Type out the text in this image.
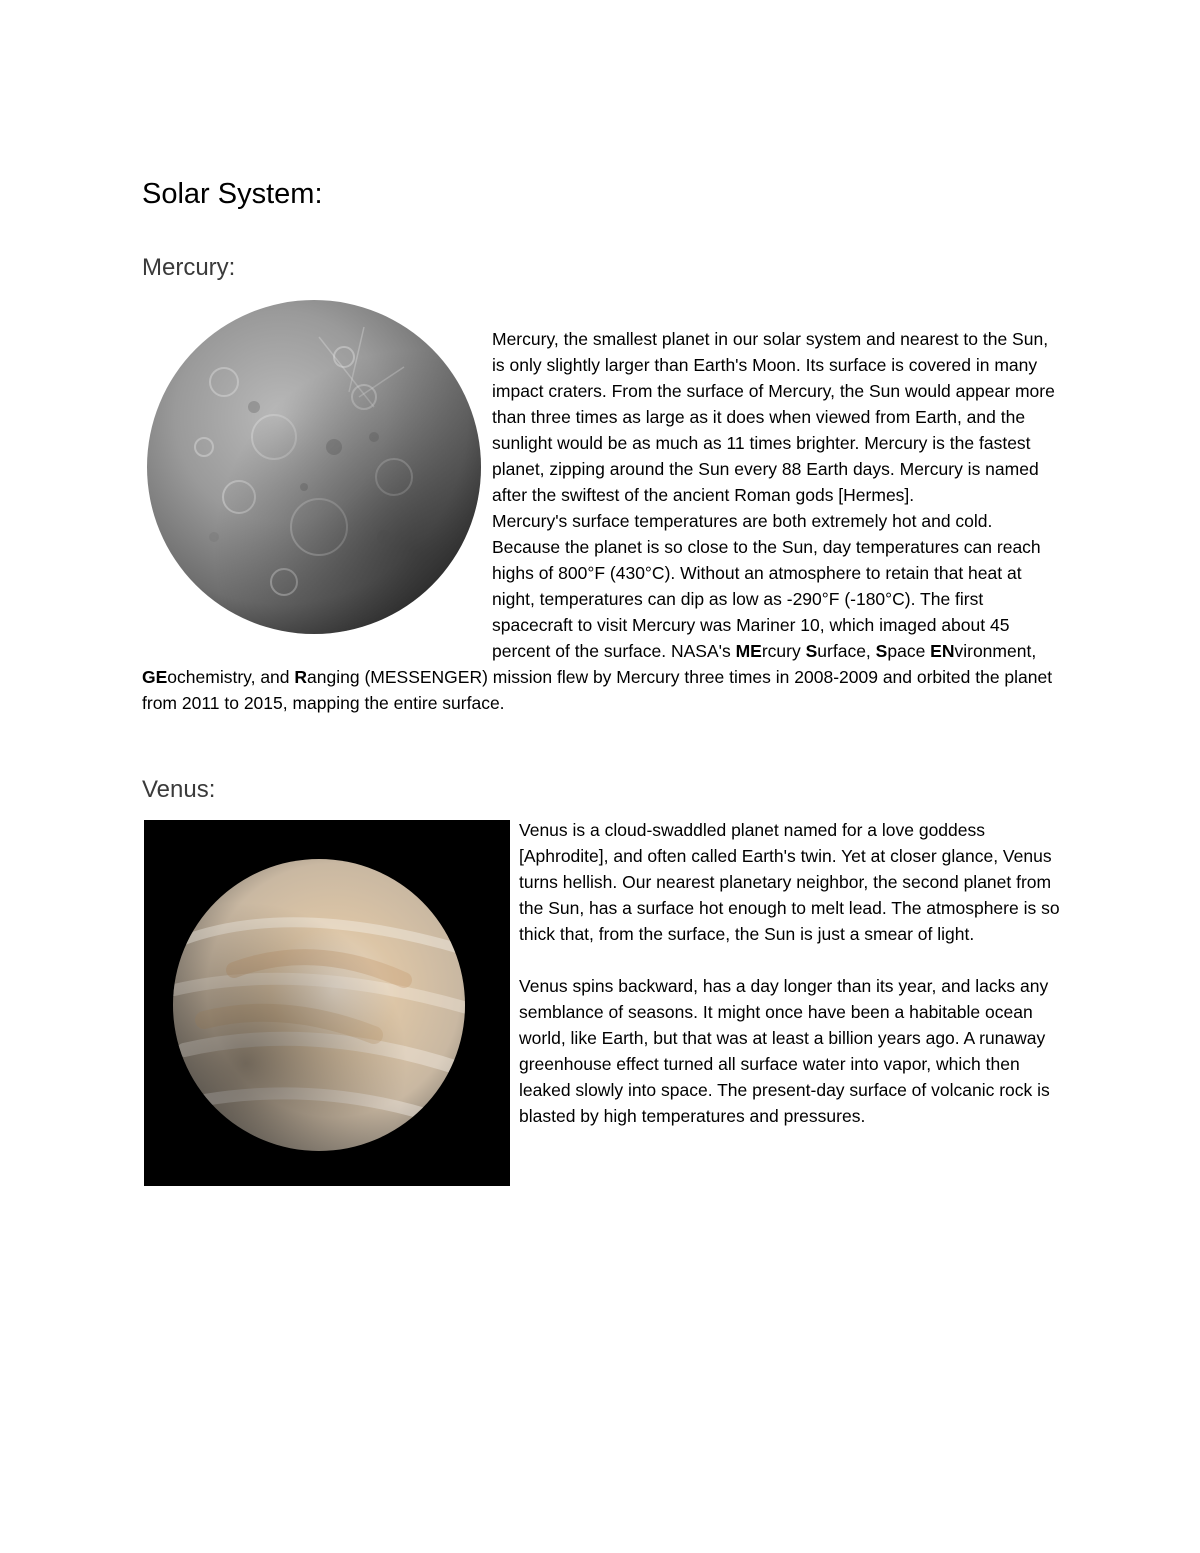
Solar System:
Mercury:

Mercury, the smallest planet in our solar system and nearest to the Sun, is only slightly larger than Earth's Moon. Its surface is covered in many impact craters. From the surface of Mercury, the Sun would appear more than three times as large as it does when viewed from Earth, and the sunlight would be as much as 11 times brighter. Mercury is the fastest planet, zipping around the Sun every 88 Earth days. Mercury is named after the swiftest of the ancient Roman gods [Hermes].

Mercury's surface temperatures are both extremely hot and cold. Because the planet is so close to the Sun, day temperatures can reach highs of 800°F (430°C). Without an atmosphere to retain that heat at night, temperatures can dip as low as -290°F (-180°C). The first spacecraft to visit Mercury was Mariner 10, which imaged about 45 percent of the surface. NASA's MErcury Surface, Space ENvironment, GEochemistry, and Ranging (MESSENGER) mission flew by Mercury three times in 2008-2009 and orbited the planet from 2011 to 2015, mapping the entire surface.

Venus:

Venus is a cloud-swaddled planet named for a love goddess [Aphrodite], and often called Earth's twin. Yet at closer glance, Venus turns hellish. Our nearest planetary neighbor, the second planet from the Sun, has a surface hot enough to melt lead. The atmosphere is so thick that, from the surface, the Sun is just a smear of light.

Venus spins backward, has a day longer than its year, and lacks any semblance of seasons. It might once have been a habitable ocean world, like Earth, but that was at least a billion years ago. A runaway greenhouse effect turned all surface water into vapor, which then leaked slowly into space. The present-day surface of volcanic rock is blasted by high temperatures and pressures.
